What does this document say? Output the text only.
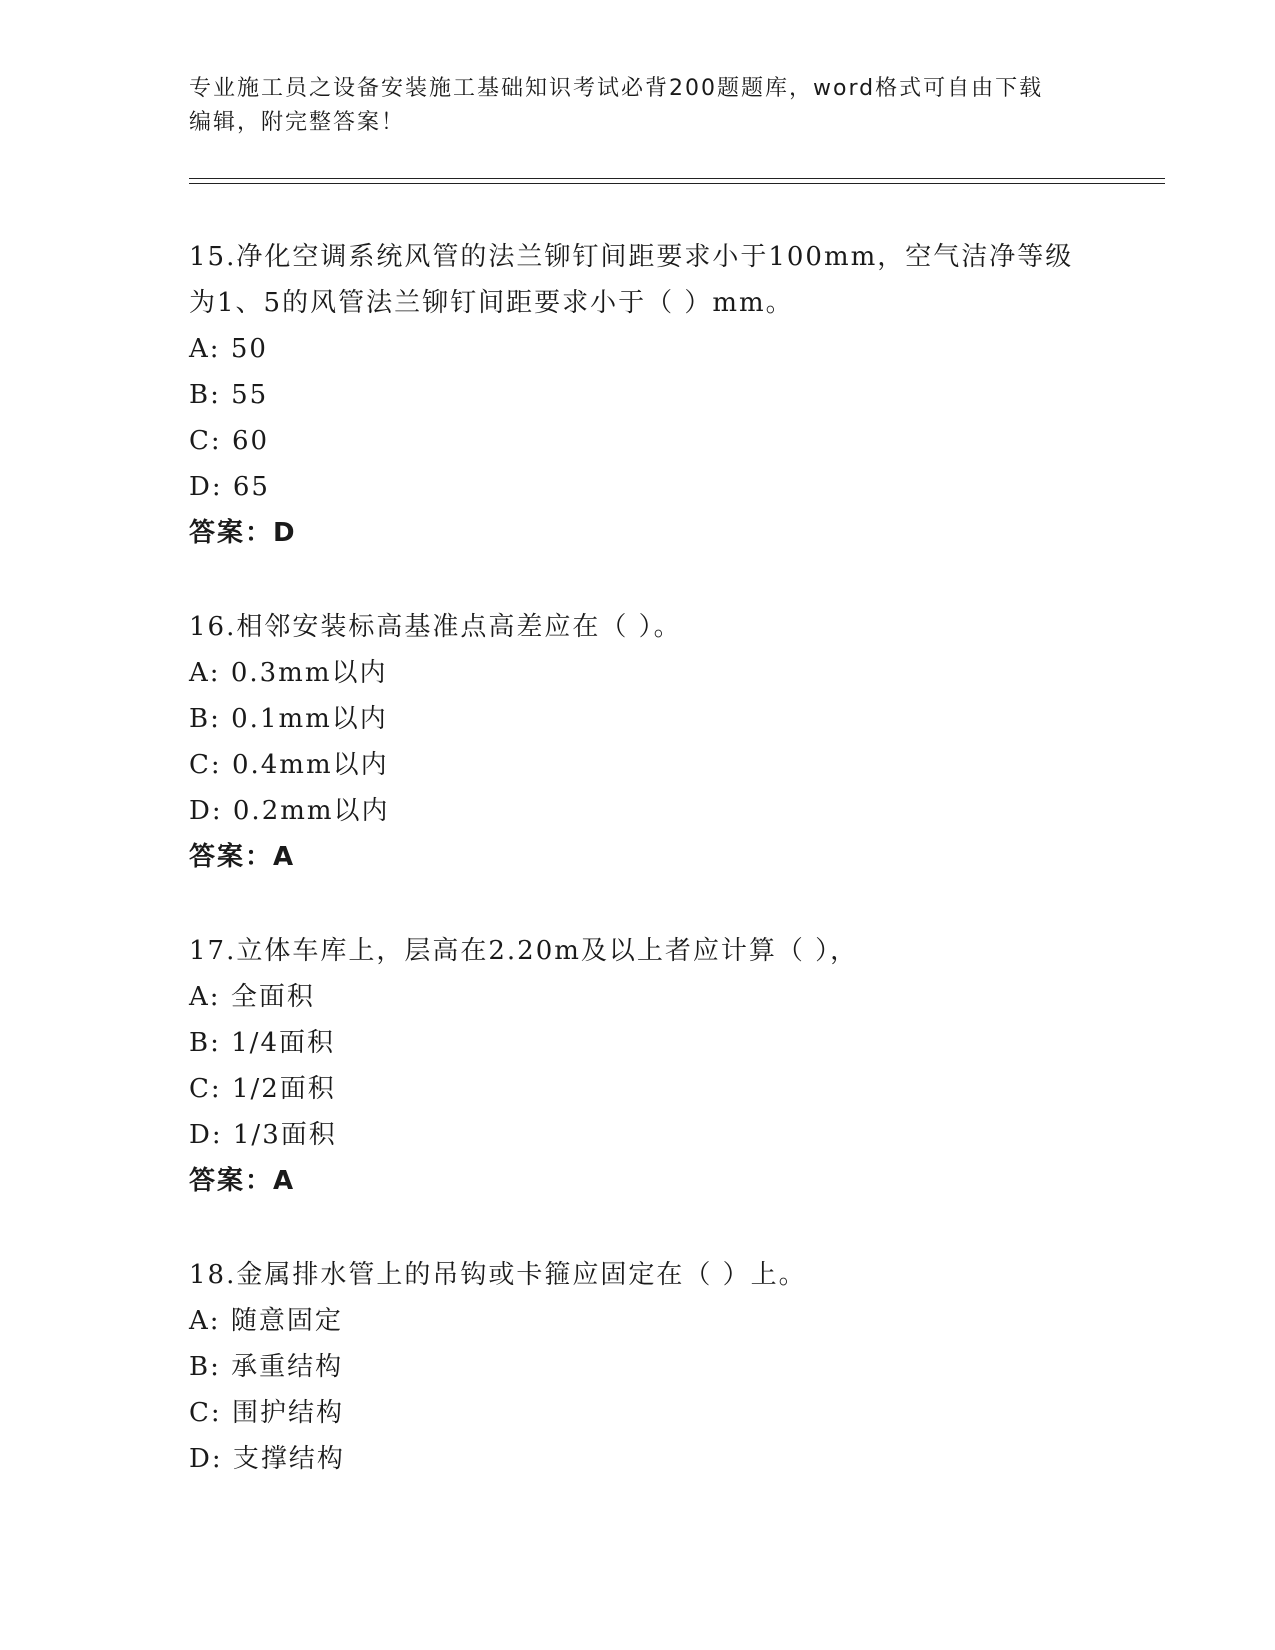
专业施工员之设备安装施工基础知识考试必背200题题库，word格式可自由下载
编辑，附完整答案！
15.净化空调系统风管的法兰铆钉间距要求小于100mm，空气洁净等级
为1、5的风管法兰铆钉间距要求小于（ ）mm。
A : 50
B : 55
C : 60
D : 65
答案 ： D
16.相邻安装标高基准点高差应在（ ）。
A : 0.3mm以内
B : 0.1mm以内
C : 0.4mm以内
D : 0.2mm以内
答案 ： A
17.立体车库上，层高在2.20m及以上者应计算（ ），
A : 全面积
B : 1/4面积
C : 1/2面积
D : 1/3面积
答案 ： A
18.金属排水管上的吊钩或卡箍应固定在（ ）上。
A : 随意固定
B : 承重结构
C : 围护结构
D : 支撑结构
